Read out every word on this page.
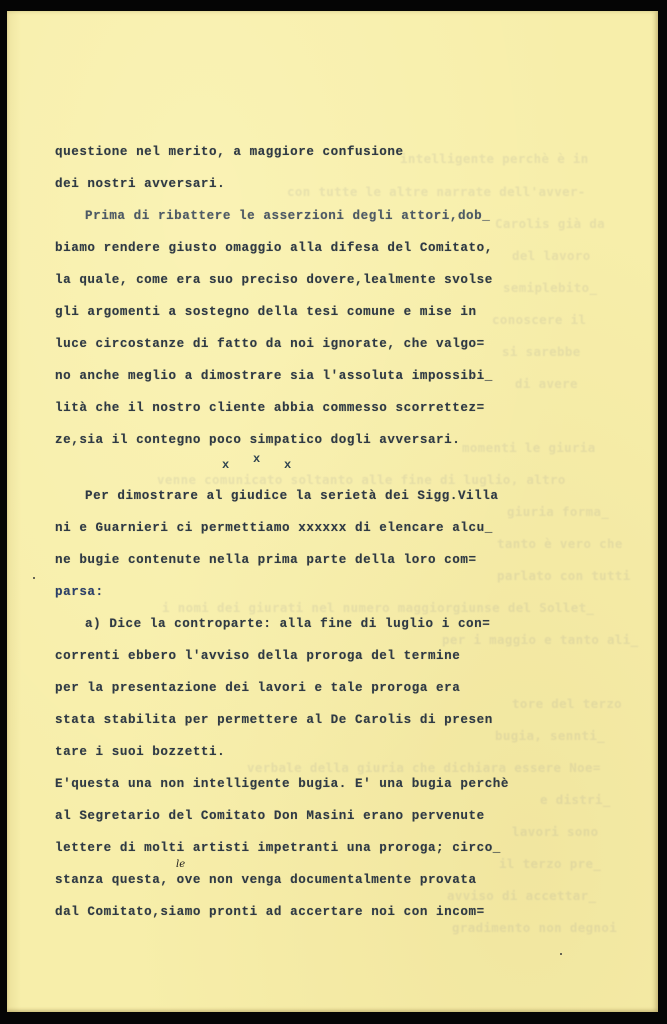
intelligente perchè è in
con tutte le altre narrate dell'avver-
Carolis già da
del lavoro
semiplebito_
conoscere il
si sarebbe
di avere
momenti le giuria
venne comunicato soltanto alle fine di luglio, altro
giuria forma_
tanto è vero che
parlato con tutti
i nomi dei giurati nel numero maggiorgiunse del Sollet_
per i maggio e tanto ali_
tore del terzo
bugia, sennti_
verbale della giuria che dichiara essere Noe=
e distri_
lavori sono
il terzo pre_
avviso di accettar_
gradimento non degnoi
questione nel merito, a maggiore confusione
dei nostri avversari.
Prima di ribattere le asserzioni degli attori,dob_
biamo rendere giusto omaggio alla difesa del Comitato,
la quale, come era suo preciso dovere,lealmente svolse
gli argomenti a sostegno della tesi comune e mise in
luce circostanze di fatto da noi ignorate, che valgo=
no anche meglio a dimostrare sia l'assoluta impossibi_
lità che il nostro cliente abbia commesso scorrettez=
ze,sia il contegno poco simpatico dogli avversari.
x x x
Per dimostrare al giudice la serietà dei Sigg.Villa
ni e Guarnieri ci permettiamo xxxxxx di elencare alcu_
ne bugie contenute nella prima parte della loro com=
parsa:
a) Dice la controparte: alla fine di luglio i con=
correnti ebbero l'avviso della proroga del termine
per la presentazione dei lavori e tale proroga era
stata stabilita per permettere al De Carolis di presen
tare i suoi bozzetti.
E'questa una non intelligente bugia. E' una bugia perchè
al Segretario del Comitato Don Masini erano pervenute
lettere di molti artisti impetranti una proroga; circo_
stanza questa, ove non venga documentalmente provata
dal Comitato,siamo pronti ad accertare noi con incom=
le
